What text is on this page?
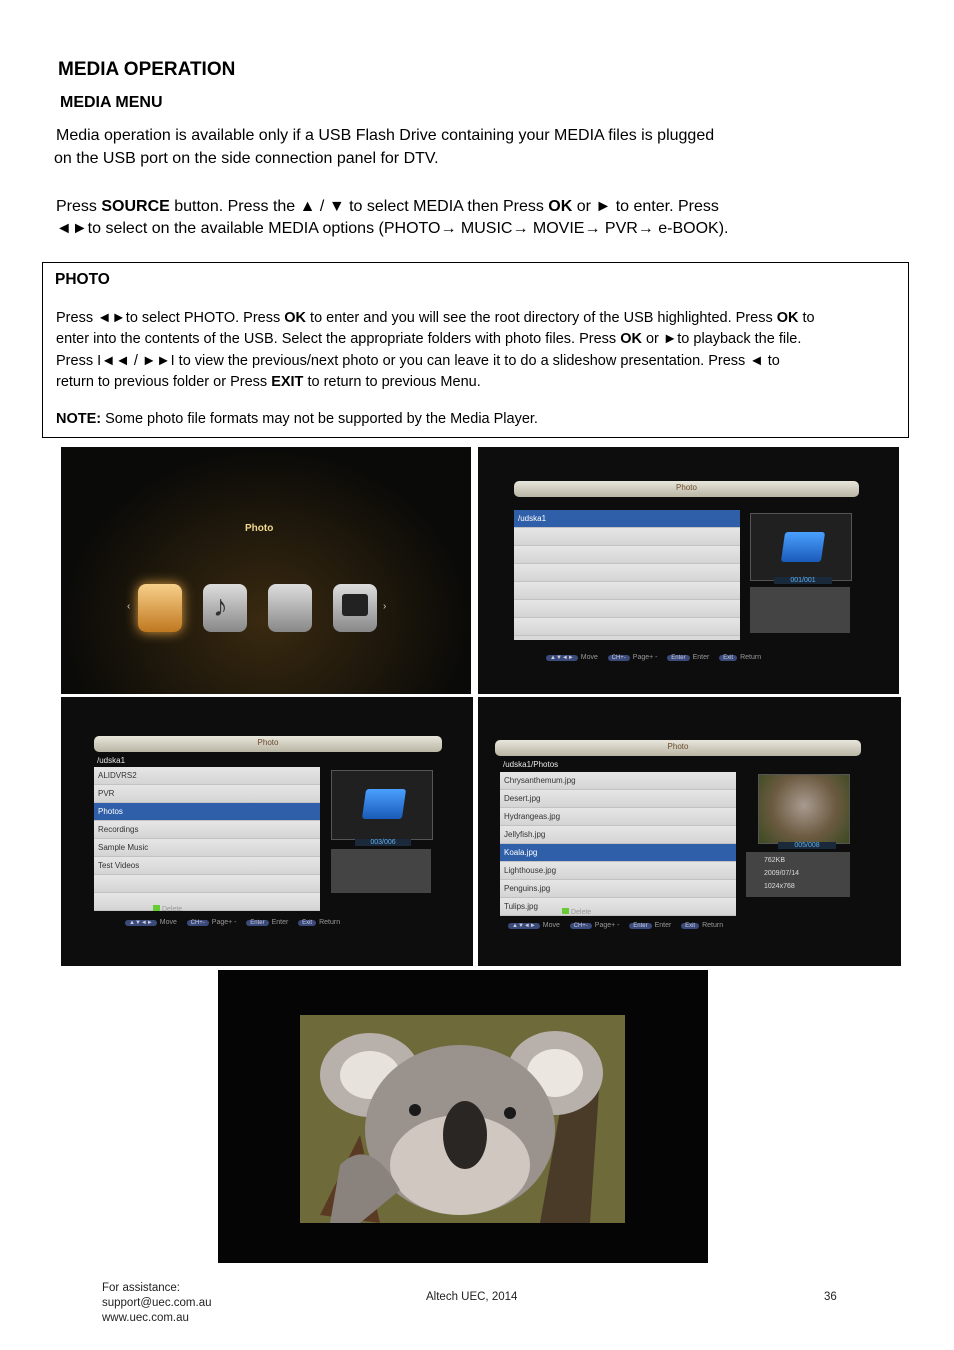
MEDIA OPERATION
MEDIA MENU
Media operation is available only if a USB Flash Drive containing your MEDIA files is plugged
on the USB port on the side connection panel for DTV.
Press SOURCE button. Press the ▲ / ▼ to select MEDIA then Press OK or ► to enter. Press
◄►to select on the available MEDIA options (PHOTO→ MUSIC→ MOVIE→ PVR→ e-BOOK).
PHOTO
Press ◄►to select PHOTO. Press OK to enter and you will see the root directory of the USB highlighted. Press OK to
enter into the contents of the USB. Select the appropriate folders with photo files. Press OK or ►to playback the file.
Press I◄◄ / ►►I to view the previous/next photo or you can leave it to do a slideshow presentation. Press ◄ to
return to previous folder or Press EXIT to return to previous Menu.
NOTE: Some photo file formats may not be supported by the Media Player.
Photo
‹	♪	›
Photo
/udska1
001/001
▲▼◄► Move CH+- Page+ - Enter Enter Exit Return
Photo
/udska1
ALIDVRS2
PVR
Photos
Recordings
Sample Music
Test Videos
003/006
Delete
▲▼◄► Move CH+- Page+ - Enter Enter Exit Return
Photo
/udska1/Photos
Chrysanthemum.jpg
Desert.jpg
Hydrangeas.jpg
Jellyfish.jpg
Koala.jpg
Lighthouse.jpg
Penguins.jpg
Tulips.jpg
005/008
762KB
2009/07/14
1024x768
Delete
▲▼◄► Move CH+- Page+ - Enter Enter Exit Return
For assistance:
support@uec.com.au
www.uec.com.au
Altech UEC, 2014	36
